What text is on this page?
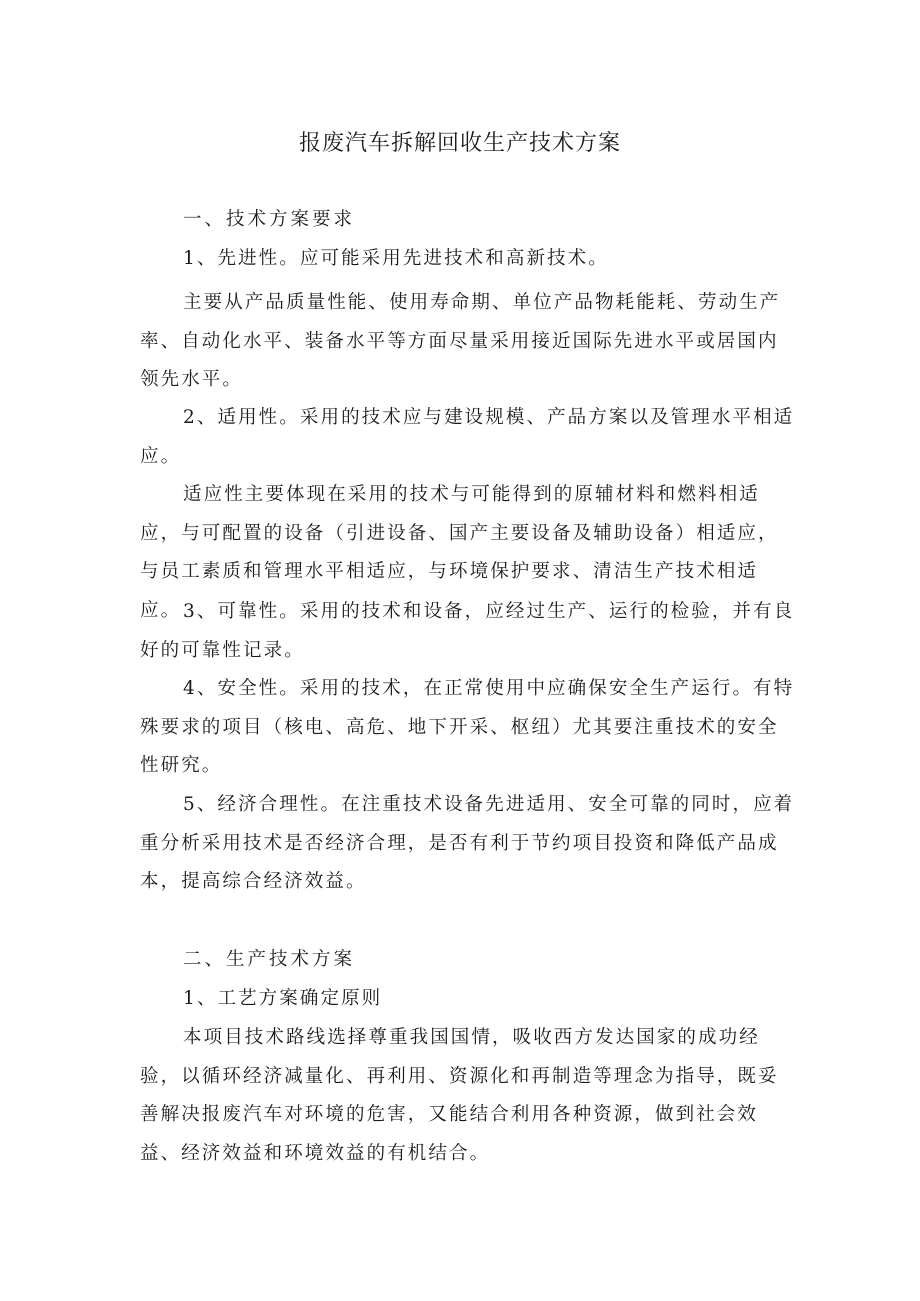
报废汽车拆解回收生产技术方案

一、技术方案要求

1、先进性。应可能采用先进技术和高新技术。

主要从产品质量性能、使用寿命期、单位产品物耗能耗、劳动生产率、自动化水平、装备水平等方面尽量采用接近国际先进水平或居国内领先水平。

2、适用性。采用的技术应与建设规模、产品方案以及管理水平相适应。

适应性主要体现在采用的技术与可能得到的原辅材料和燃料相适应，与可配置的设备（引进设备、国产主要设备及辅助设备）相适应，与员工素质和管理水平相适应，与环境保护要求、清洁生产技术相适应。 3、可靠性。采用的技术和设备，应经过生产、运行的检验，并有良好的可靠性记录。

4、安全性。采用的技术，在正常使用中应确保安全生产运行。有特殊要求的项目（核电、高危、地下开采、枢纽）尤其要注重技术的安全性研究。

5、经济合理性。在注重技术设备先进适用、安全可靠的同时，应着重分析采用技术是否经济合理，是否有利于节约项目投资和降低产品成本，提高综合经济效益。

二、生产技术方案

1、工艺方案确定原则

本项目技术路线选择尊重我国国情，吸收西方发达国家的成功经验，以循环经济减量化、再利用、资源化和再制造等理念为指导，既妥善解决报废汽车对环境的危害，又能结合利用各种资源，做到社会效益、经济效益和环境效益的有机结合。
